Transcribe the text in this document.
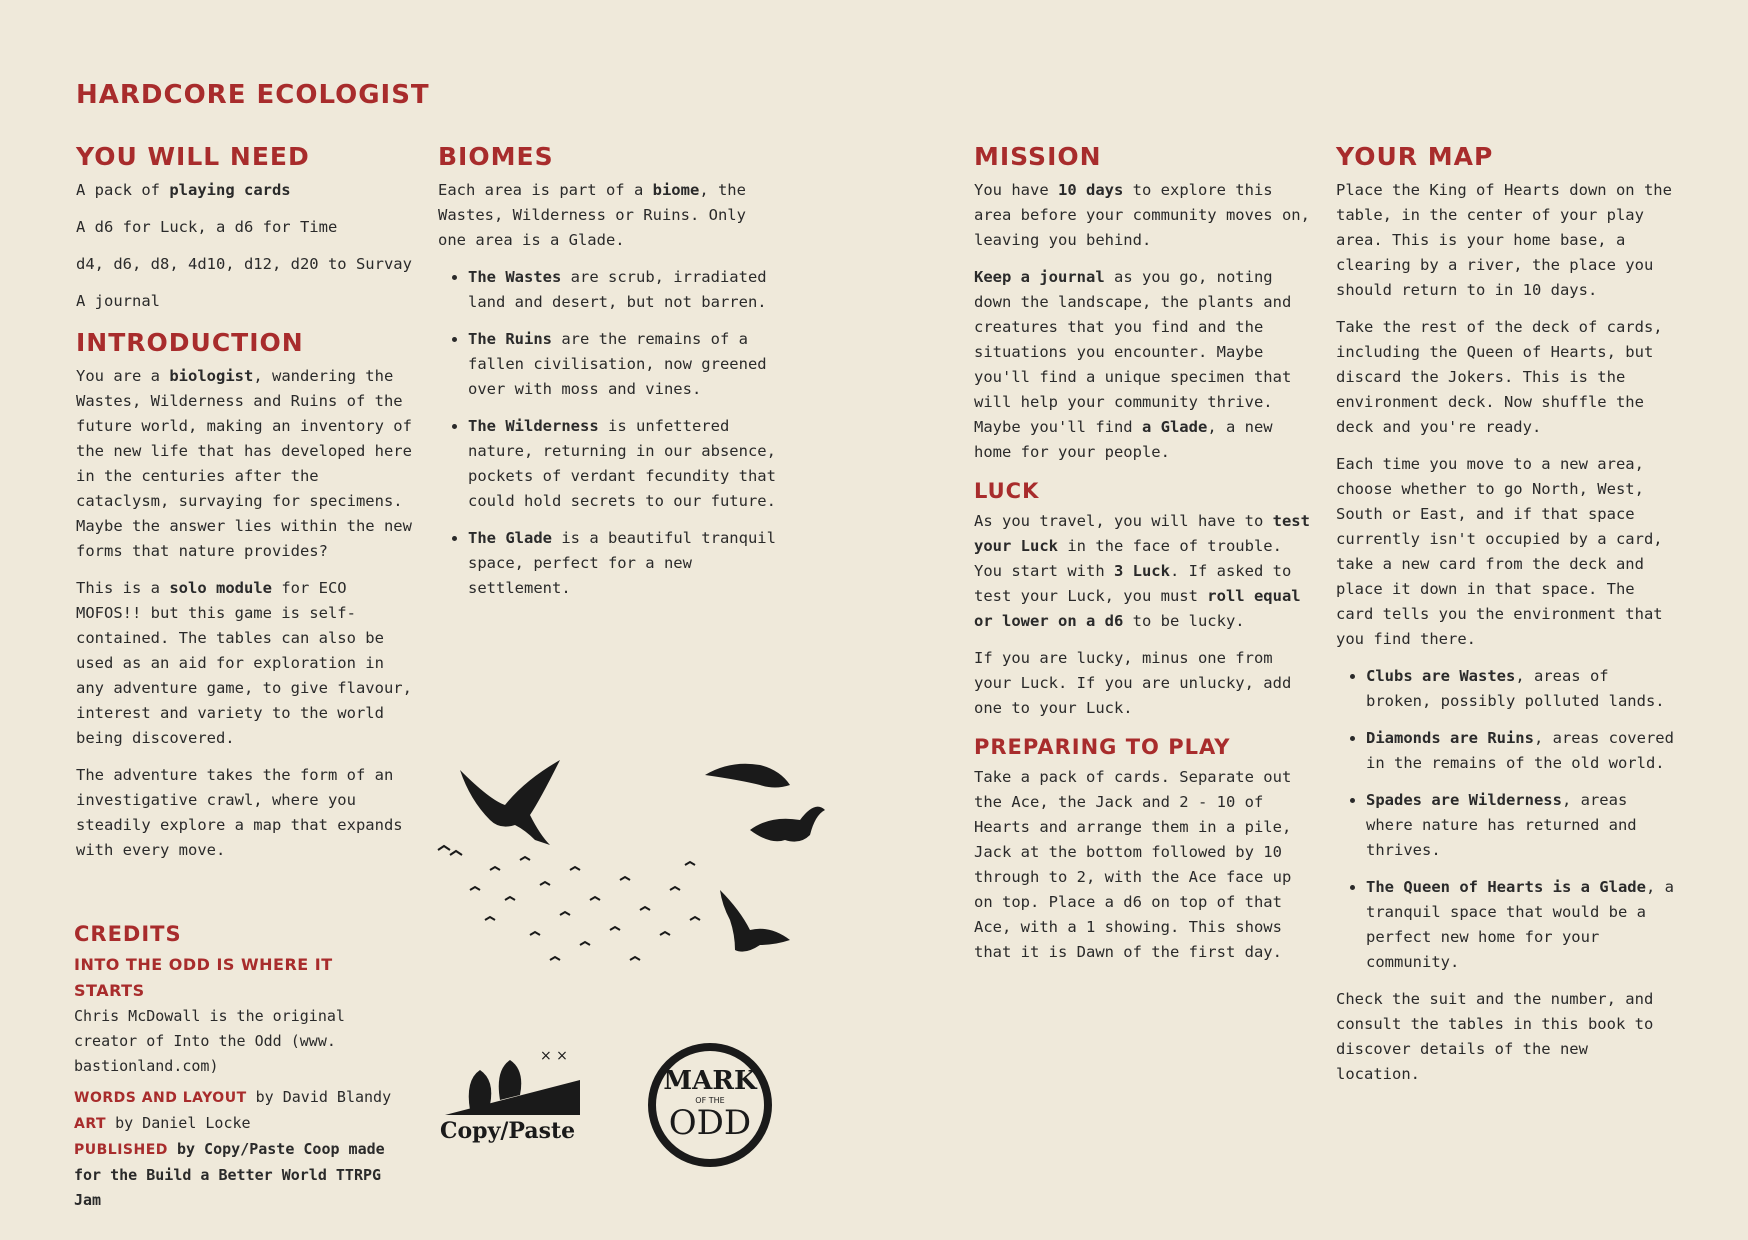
HARDCORE ECOLOGIST
YOU WILL NEED
A pack of playing cards
A d6 for Luck, a d6 for Time
d4, d6, d8, 4d10, d12, d20 to Survay
A journal
INTRODUCTION

You are a biologist, wandering the Wastes, Wilderness and Ruins of the future world, making an inventory of the new life that has developed here in the centuries after the cataclysm, survaying for specimens. Maybe the answer lies within the new forms that nature provides?

This is a solo module for ECO MOFOS!! but this game is self-contained. The tables can also be used as an aid for exploration in any adventure game, to give flavour, interest and variety to the world being discovered.

The adventure takes the form of an investigative crawl, where you steadily explore a map that expands with every move.

CREDITS
INTO THE ODD IS WHERE IT STARTS

Chris McDowall is the original creator of Into the Odd (www. bastionland.com)

WORDS AND LAYOUT by David Blandy

ART by Daniel Locke

PUBLISHED by Copy/Paste Coop made for the Build a Better World TTRPG Jam

BIOMES

Each area is part of a biome, the Wastes, Wilderness or Ruins. Only one area is a Glade.

• The Wastes are scrub, irradiated land and desert, but not barren.
• The Ruins are the remains of a fallen civilisation, now greened over with moss and vines.
• The Wilderness is unfettered nature, returning in our absence, pockets of verdant fecundity that could hold secrets to our future.
• The Glade is a beautiful tranquil space, perfect for a new settlement.
× ×
Copy/Paste
MARK
OF THE
ODD
MISSION

You have 10 days to explore this area before your community moves on, leaving you behind.

Keep a journal as you go, noting down the landscape, the plants and creatures that you find and the situations you encounter. Maybe you'll find a unique specimen that will help your community thrive. Maybe you'll find a Glade, a new home for your people.

LUCK

As you travel, you will have to test your Luck in the face of trouble. You start with 3 Luck. If asked to test your Luck, you must roll equal or lower on a d6 to be lucky.

If you are lucky, minus one from your Luck. If you are unlucky, add one to your Luck.

PREPARING TO PLAY

Take a pack of cards. Separate out the Ace, the Jack and 2 - 10 of Hearts and arrange them in a pile, Jack at the bottom followed by 10 through to 2, with the Ace face up on top. Place a d6 on top of that Ace, with a 1 showing. This shows that it is Dawn of the first day.

YOUR MAP

Place the King of Hearts down on the table, in the center of your play area. This is your home base, a clearing by a river, the place you should return to in 10 days.

Take the rest of the deck of cards, including the Queen of Hearts, but discard the Jokers. This is the environment deck. Now shuffle the deck and you're ready.

Each time you move to a new area, choose whether to go North, West, South or East, and if that space currently isn't occupied by a card, take a new card from the deck and place it down in that space. The card tells you the environment that you find there.

• Clubs are Wastes, areas of broken, possibly polluted lands.
• Diamonds are Ruins, areas covered in the remains of the old world.
• Spades are Wilderness, areas where nature has returned and thrives.
• The Queen of Hearts is a Glade, a tranquil space that would be a perfect new home for your community.

Check the suit and the number, and consult the tables in this book to discover details of the new location.
